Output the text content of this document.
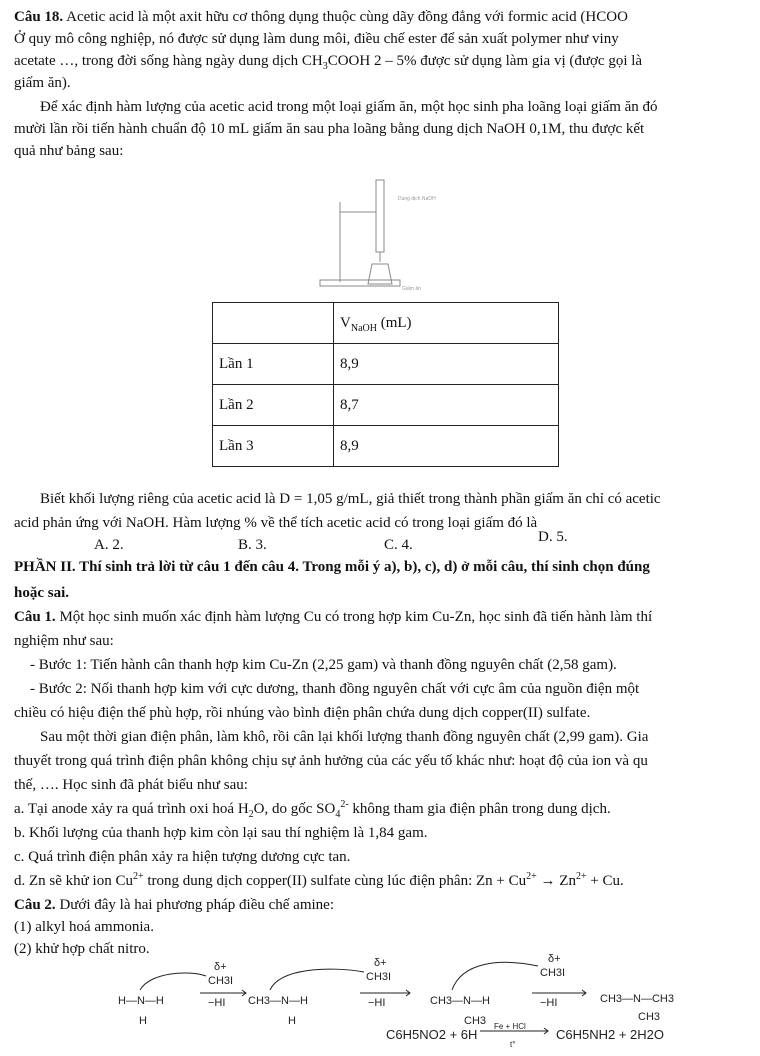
Câu 18. Acetic acid là một axit hữu cơ thông dụng thuộc cùng dãy đồng đẳng với formic acid (HCOO
Ở quy mô công nghiệp, nó được sử dụng làm dung môi, điều chế ester để sản xuất polymer như viny
acetate …, trong đời sống hàng ngày dung dịch $CH_3COOH$ 2 – 5% được sử dụng làm gia vị (được gọi là
giấm ăn).
Để xác định hàm lượng của acetic acid trong một loại giấm ăn, một học sinh pha loãng loại giấm ăn đó
mười lần rồi tiến hành chuẩn độ 10 mL giấm ăn sau pha loãng bằng dung dịch NaOH 0,1M, thu được kết
quả như bảng sau:
Dung dịch NaOH
Giấm ăn
	$V_{NaOH}$ (mL)
Lần 1	8,9
Lần 2	8,7
Lần 3	8,9
Biết khối lượng riêng của acetic acid là D = 1,05 g/mL, giả thiết trong thành phần giấm ăn chỉ có acetic
acid phản ứng với NaOH. Hàm lượng % về thể tích acetic acid có trong loại giấm đó là
A. 2.	B. 3.	C. 4.	D. 5.
PHẦN II. Thí sinh trả lời từ câu 1 đến câu 4. Trong mỗi ý a), b), c), d) ở mỗi câu, thí sinh chọn đúng
hoặc sai.
Câu 1. Một học sinh muốn xác định hàm lượng Cu có trong hợp kim Cu-Zn, học sinh đã tiến hành làm thí
nghiệm như sau:
- Bước 1: Tiến hành cân thanh hợp kim Cu-Zn (2,25 gam) và thanh đồng nguyên chất (2,58 gam).
- Bước 2: Nối thanh hợp kim với cực dương, thanh đồng nguyên chất với cực âm của nguồn điện một
chiều có hiệu điện thế phù hợp, rồi nhúng vào bình điện phân chứa dung dịch copper(II) sulfate.
Sau một thời gian điện phân, làm khô, rồi cân lại khối lượng thanh đồng nguyên chất (2,99 gam). Gia
thuyết trong quá trình điện phân không chịu sự ảnh hưởng của các yếu tố khác như: hoạt độ của ion và qu
thế, …. Học sinh đã phát biểu như sau:
a. Tại anode xảy ra quá trình oxi hoá $H_2O$, do gốc $SO_4^{2-}$ không tham gia điện phân trong dung dịch.
b. Khối lượng của thanh hợp kim còn lại sau thí nghiệm là 1,84 gam.
c. Quá trình điện phân xảy ra hiện tượng dương cực tan.
d. Zn sẽ khử ion $Cu^{2+}$ trong dung dịch copper(II) sulfate cùng lúc điện phân: $Zn + Cu^{2+} \to Zn^{2+} + Cu$.
Câu 2. Dưới đây là hai phương pháp điều chế amine:
(1) alkyl hoá ammonia.
(2) khử hợp chất nitro.
H—N—H
H
δ+
CH3I
−HI CH3—N—H
H
δ+
CH3I
−HI	CH3—N—H
CH3
δ+
CH3I
−HI	CH3—N—CH3
CH3
C6H5NO2 + 6H
Fe + HCl
t°
C6H5NH2 + 2H2O
